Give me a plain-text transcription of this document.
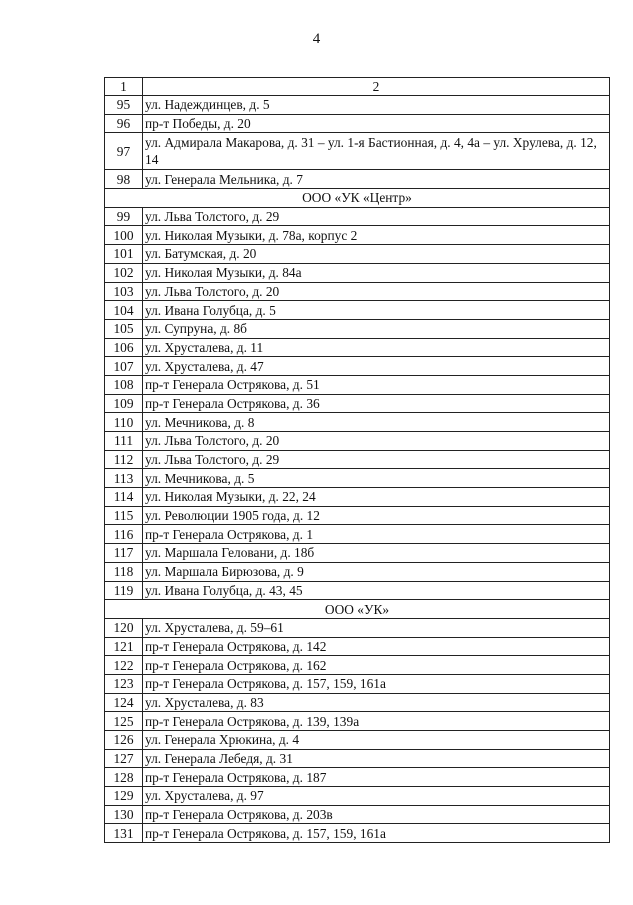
4
1	2
95	ул. Надеждинцев, д. 5
96	пр-т Победы, д. 20
97	ул. Адмирала Макарова, д. 31 – ул. 1-я Бастионная, д. 4, 4а – ул. Хрулева, д. 12, 14
98	ул. Генерала Мельника, д. 7
ООО «УК «Центр»	
99	ул. Льва Толстого, д. 29
100	ул. Николая Музыки, д. 78а, корпус 2
101	ул. Батумская, д. 20
102	ул. Николая Музыки, д. 84а
103	ул. Льва Толстого, д. 20
104	ул. Ивана Голубца, д. 5
105	ул. Супруна, д. 8б
106	ул. Хрусталева, д. 11
107	ул. Хрусталева, д. 47
108	пр-т Генерала Острякова, д. 51
109	пр-т Генерала Острякова, д. 36
110	ул. Мечникова, д. 8
111	ул. Льва Толстого, д. 20
112	ул. Льва Толстого, д. 29
113	ул. Мечникова, д. 5
114	ул. Николая Музыки, д. 22, 24
115	ул. Революции 1905 года, д. 12
116	пр-т Генерала Острякова, д. 1
117	ул. Маршала Геловани, д. 18б
118	ул. Маршала Бирюзова, д. 9
119	ул. Ивана Голубца, д. 43, 45
ООО «УК»	
120	ул. Хрусталева, д. 59–61
121	пр-т Генерала Острякова, д. 142
122	пр-т Генерала Острякова, д. 162
123	пр-т Генерала Острякова, д. 157, 159, 161а
124	ул. Хрусталева, д. 83
125	пр-т Генерала Острякова, д. 139, 139а
126	ул. Генерала Хрюкина, д. 4
127	ул. Генерала Лебедя, д. 31
128	пр-т Генерала Острякова, д. 187
129	ул. Хрусталева, д. 97
130	пр-т Генерала Острякова, д. 203в
131	пр-т Генерала Острякова, д. 157, 159, 161а
